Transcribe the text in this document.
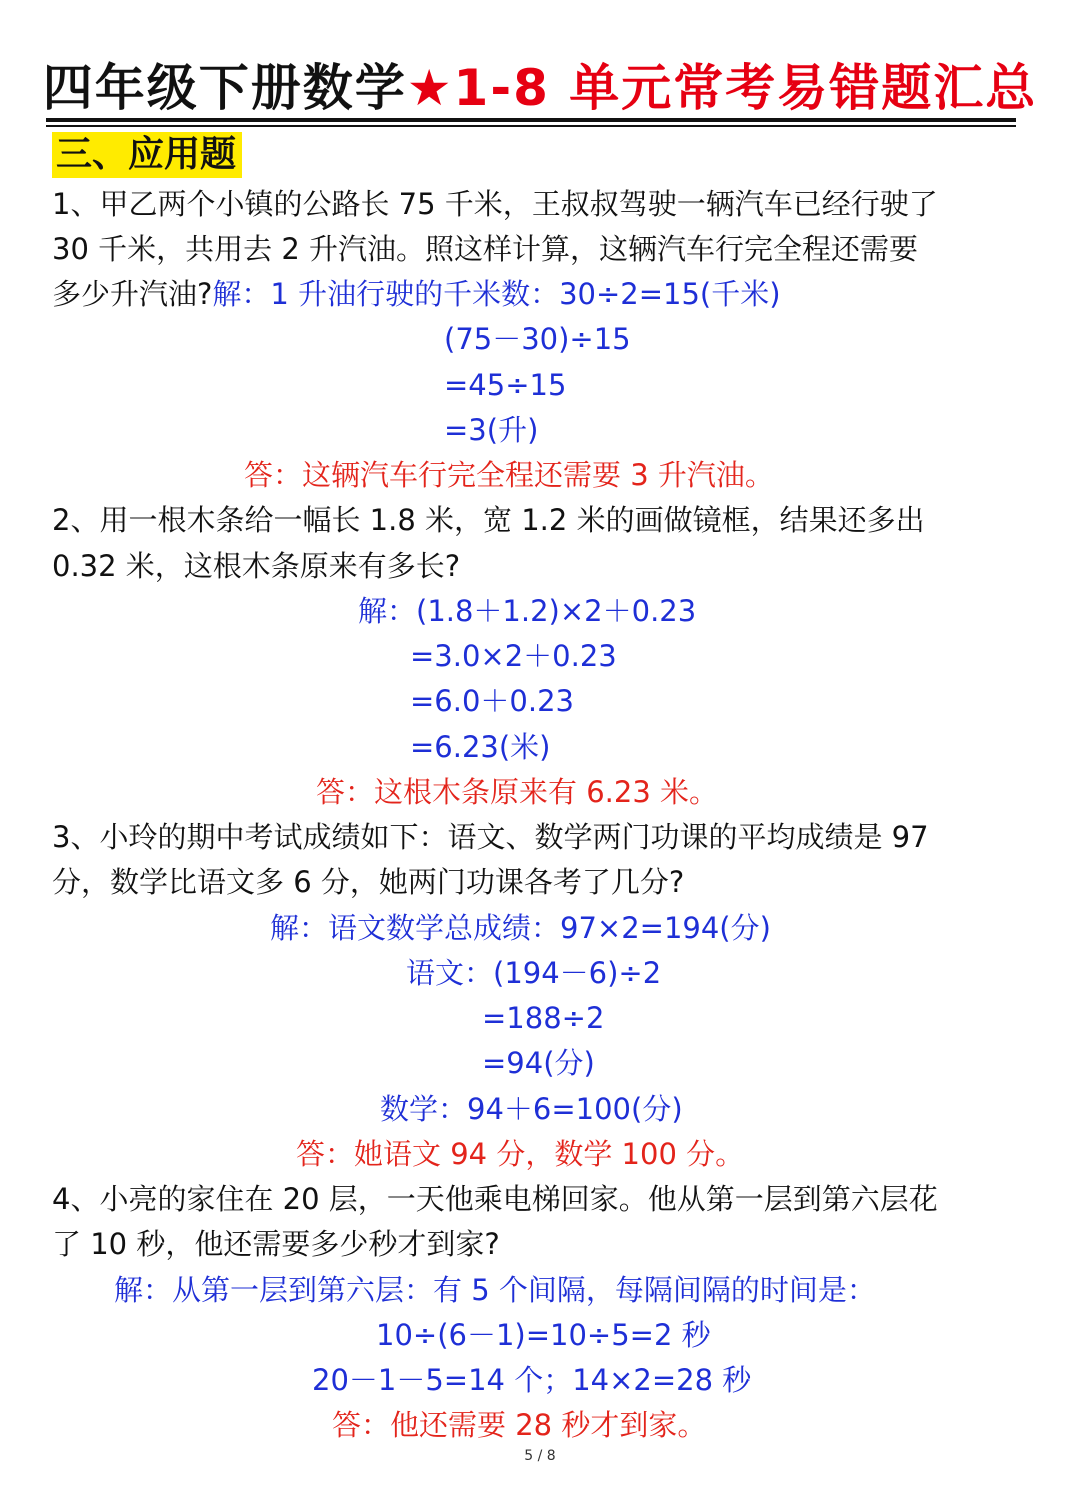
四年级下册数学★1-8 单元常考易错题汇总
三、应用题
1、甲乙两个小镇的公路长 75 千米，王叔叔驾驶一辆汽车已经行驶了
30 千米，共用去 2 升汽油。照这样计算，这辆汽车行完全程还需要
多少升汽油?解：1 升油行驶的千米数：30÷2=15(千米)
(75－30)÷15
=45÷15
=3(升)
答：这辆汽车行完全程还需要 3 升汽油。
2、用一根木条给一幅长 1.8 米，宽 1.2 米的画做镜框，结果还多出
0.32 米，这根木条原来有多长?
解：(1.8＋1.2)×2＋0.23
=3.0×2＋0.23
=6.0＋0.23
=6.23(米)
答：这根木条原来有 6.23 米。
3、小玲的期中考试成绩如下：语文、数学两门功课的平均成绩是 97
分，数学比语文多 6 分，她两门功课各考了几分?
解：语文数学总成绩：97×2=194(分)
语文：(194－6)÷2
=188÷2
=94(分)
数学：94＋6=100(分)
答：她语文 94 分，数学 100 分。
4、小亮的家住在 20 层，一天他乘电梯回家。他从第一层到第六层花
了 10 秒，他还需要多少秒才到家?
解：从第一层到第六层：有 5 个间隔，每隔间隔的时间是：
10÷(6－1)=10÷5=2 秒
20－1－5=14 个；14×2=28 秒
答：他还需要 28 秒才到家。
5 / 8
